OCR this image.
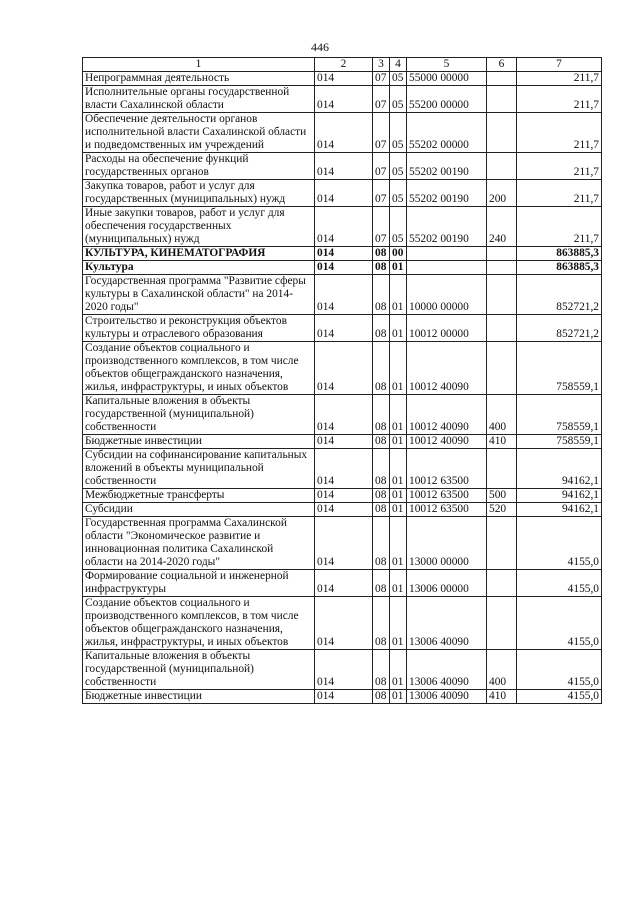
446
1	2	3	4	5	6	7
Непрограммная деятельность	014	07	05	55000 00000		211,7
Исполнительные органы государственной власти Сахалинской области	014	07	05	55200 00000		211,7
Обеспечение деятельности органов исполнительной власти Сахалинской области и подведомственных им учреждений	014	07	05	55202 00000		211,7
Расходы на обеспечение функций государственных органов	014	07	05	55202 00190		211,7
Закупка товаров, работ и услуг для государственных (муниципальных) нужд	014	07	05	55202 00190	200	211,7
Иные закупки товаров, работ и услуг для обеспечения государственных (муниципальных) нужд	014	07	05	55202 00190	240	211,7
КУЛЬТУРА, КИНЕМАТОГРАФИЯ	014	08	00			863885,3
Культура	014	08	01			863885,3
Государственная программа "Развитие сферы культуры в Сахалинской области" на 2014-2020 годы"	014	08	01	10000 00000		852721,2
Строительство и реконструкция объектов культуры и отраслевого образования	014	08	01	10012 00000		852721,2
Создание объектов социального и производственного комплексов, в том числе объектов общегражданского назначения, жилья, инфраструктуры, и иных объектов	014	08	01	10012 40090		758559,1
Капитальные вложения в объекты государственной (муниципальной) собственности	014	08	01	10012 40090	400	758559,1
Бюджетные инвестиции	014	08	01	10012 40090	410	758559,1
Субсидии на софинансирование капитальных вложений в объекты муниципальной собственности	014	08	01	10012 63500		94162,1
Межбюджетные трансферты	014	08	01	10012 63500	500	94162,1
Субсидии	014	08	01	10012 63500	520	94162,1
Государственная программа Сахалинской области "Экономическое развитие и инновационная политика Сахалинской области на 2014-2020 годы"	014	08	01	13000 00000		4155,0
Формирование социальной и инженерной инфраструктуры	014	08	01	13006 00000		4155,0
Создание объектов социального и производственного комплексов, в том числе объектов общегражданского назначения, жилья, инфраструктуры, и иных объектов	014	08	01	13006 40090		4155,0
Капитальные вложения в объекты государственной (муниципальной) собственности	014	08	01	13006 40090	400	4155,0
Бюджетные инвестиции	014	08	01	13006 40090	410	4155,0
